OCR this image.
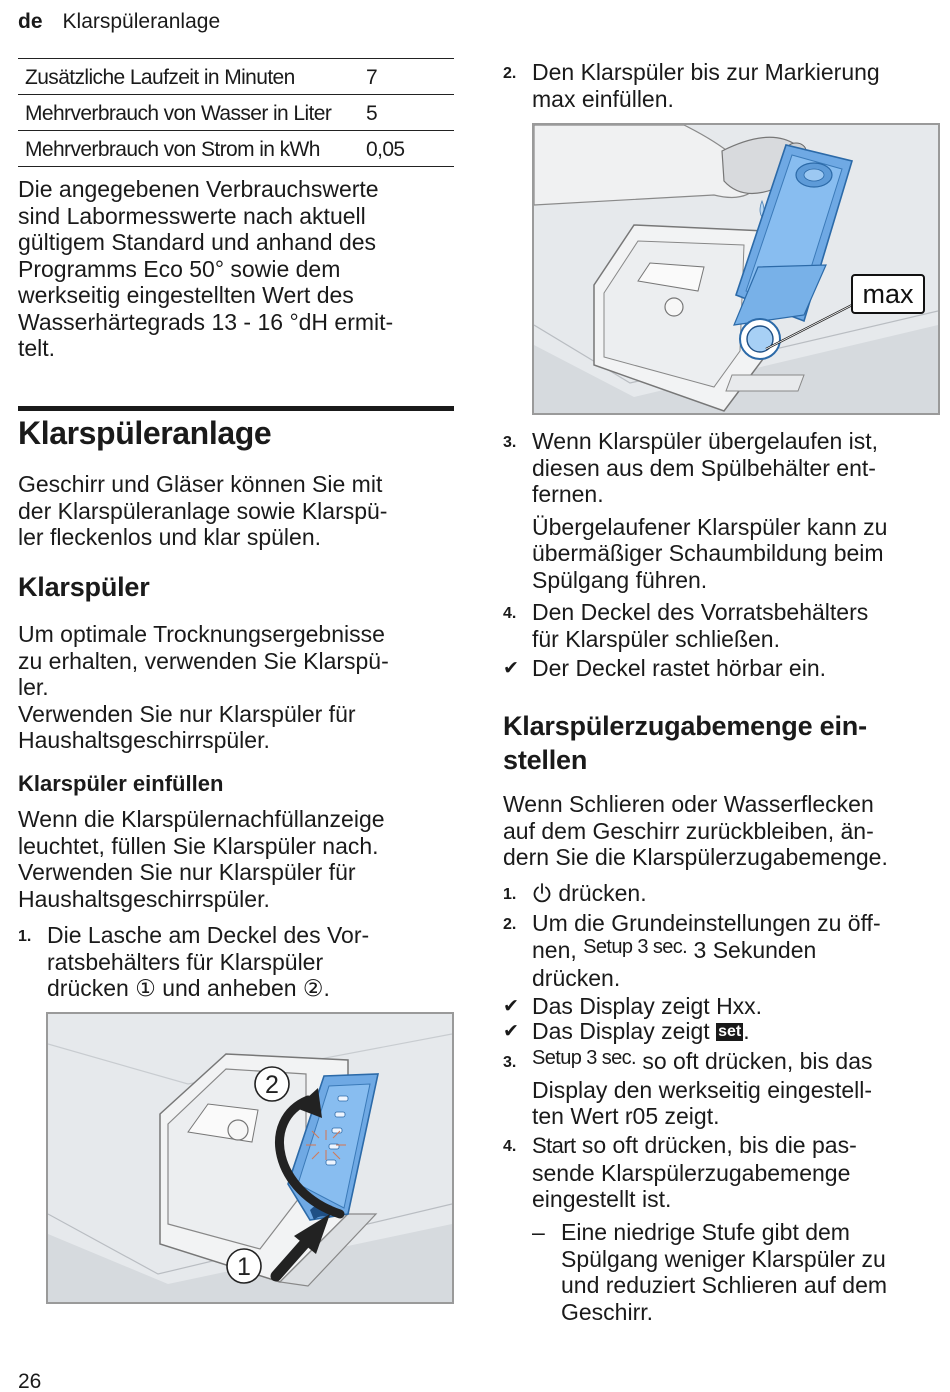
de Klarspüleranlage
Zusätzliche Laufzeit in Minuten	7
Mehrverbrauch von Wasser in Liter	5
Mehrverbrauch von Strom in kWh	0,05
Die angegebenen Verbrauchswerte
sind Labormesswerte nach aktuell
gültigem Standard und anhand des
Programms Eco 50° sowie dem
werkseitig eingestellten Wert des
Wasserhärtegrads 13 - 16 °dH ermit-
telt.
Klarspüleranlage
Geschirr und Gläser können Sie mit
der Klarspüleranlage sowie Klarspü-
ler fleckenlos und klar spülen.
Klarspüler
Um optimale Trocknungsergebnisse
zu erhalten, verwenden Sie Klarspü-
ler.
Verwenden Sie nur Klarspüler für
Haushaltsgeschirrspüler.
Klarspüler einfüllen
Wenn die Klarspülernachfüllanzeige
leuchtet, füllen Sie Klarspüler nach.
Verwenden Sie nur Klarspüler für
Haushaltsgeschirrspüler.
1. Die Lasche am Deckel des Vor-
ratsbehälters für Klarspüler
drücken ① und anheben ②.
1
2
2. Den Klarspüler bis zur Markierung
max einfüllen.
max
3. Wenn Klarspüler übergelaufen ist,
diesen aus dem Spülbehälter ent-
fernen.
Übergelaufener Klarspüler kann zu
übermäßiger Schaumbildung beim
Spülgang führen.
4. Den Deckel des Vorratsbehälters
für Klarspüler schließen.
✔ Der Deckel rastet hörbar ein.
Klarspülerzugabemenge ein-
stellen
Wenn Schlieren oder Wasserflecken
auf dem Geschirr zurückbleiben, än-
dern Sie die Klarspülerzugabemenge.
1.	drücken.
2. Um die Grundeinstellungen zu öff-
nen, Setup 3 sec. 3 Sekunden
drücken.
✔ Das Display zeigt Hxx.
✔ Das Display zeigt set.
3. Setup 3 sec. so oft drücken, bis das
Display den werkseitig eingestell-
ten Wert r05 zeigt.
4. Start so oft drücken, bis die pas-
sende Klarspülerzugabemenge
eingestellt ist.
– Eine niedrige Stufe gibt dem
Spülgang weniger Klarspüler zu
und reduziert Schlieren auf dem
Geschirr.
26
